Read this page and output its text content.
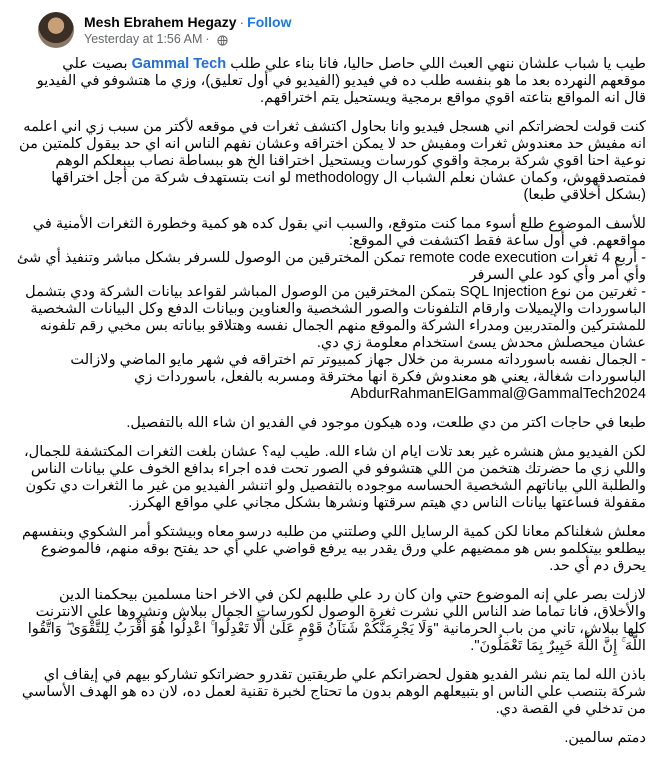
Mesh Ebrahem Hegazy · Follow
Yesterday at 1:56 AM ·

طيب يا شباب علشان ننهي العبث اللي حاصل حاليا، فانا بناء علي طلب Gammal Tech بصيت علي موقعهم النهرده بعد ما هو بنفسه طلب ده في فيديو (الفيديو في أول تعليق)، وزي ما هتشوفو في الفيديو قال انه المواقع بتاعته اقوي مواقع برمجية ويستحيل يتم اختراقهم.

كنت قولت لحضراتكم اني هسجل فيديو وانا بحاول اكتشف ثغرات في موقعه لأكتر من سبب زي اني اعلمه انه مفيش حد معندوش ثغرات ومفيش حد لا يمكن اختراقه وعشان نفهم الناس انه اي حد بيقول كلمتين من نوعية احنا اقوي شركة برمجة واقوي كورسات ويستحيل اختراقنا الخ هو ببساطة نصاب بيبعلكم الوهم فمتصدقهوش، وكمان عشان نعلم الشباب ال methodology لو انت بتستهدف شركة من أجل اختراقها (بشكل أخلاقي طبعا)

للأسف الموضوع طلع أسوء مما كنت متوقع، والسبب اني بقول كده هو كمية وخطورة الثغرات الأمنية في مواقعهم. في أول ساعة فقط اكتشفت في الموقع:
- أربع 4 ثغرات remote code execution تمكن المخترقين من الوصول للسرفر بشكل مباشر وتنفيذ أي شئ وأي أمر وأي كود علي السرفر
- ثغرتين من نوع SQL Injection بتمكن المخترقين من الوصول المباشر لقواعد بيانات الشركة ودي بتشمل الباسوردات والإيميلات وارقام التلفونات والصور الشخصية والعناوين وبيانات الدفع وكل البيانات الشخصية للمشتركين والمتدربين ومدراء الشركة والموقع منهم الجمال نفسه وهتلاقو بياناته بس مخبي رقم تلفونه عشان ميحصلش محدش يسئ استخدام معلومة زي دي.
- الجمال نفسه باسورداته مسربة من خلال جهاز كمبيوتر تم اختراقه في شهر مايو الماضي ولازالت الباسوردات شغالة، يعني هو معندوش فكرة انها مخترقة ومسربه بالفعل، باسوردات زي
AbdurRahmanElGammal@GammalTech2024

طبعا في حاجات اكتر من دي طلعت، وده هيكون موجود في الفديو ان شاء الله بالتفصيل.

لكن الفيديو مش هنشره غير بعد تلات ايام ان شاء الله. طيب ليه؟ عشان بلغت الثغرات المكتشفة للجمال، واللي زي ما حضرتك هتخمن من اللي هتشوفو في الصور تحت فده اجراء بدافع الخوف علي بيانات الناس والطلبة اللي بياناتهم الشخصية الحساسه موجوده بالتفصيل ولو اتنشر الفيديو من غير ما الثغرات دي تكون مقفولة فساعتها بيانات الناس دي هيتم سرقتها ونشرها بشكل مجاني علي مواقع الهكرز.

معلش شغلناكم معانا لكن كمية الرسايل اللي وصلتني من طلبه درسو معاه وبيشتكو أمر الشكوي وبنفسهم بيطلعو بيتكلمو بس هو ممضيهم علي ورق يقدر بيه يرفع قواضي علي أي حد يفتح بوقه منهم، فالموضوع يحرق دم أي حد.

لازلت بصر علي إنه الموضوع حتي وان كان رد علي طلبهم لكن في الاخر احنا مسلمين بيحكمنا الدين والأخلاق، فانا تماما ضد الناس اللي نشرت ثغرة الوصول لكورسات الجمال ببلاش ونشروها علي الانترنت كلها ببلاش، تاني من باب الحرمانية "وَلَا يَجْرِمَنَّكُمْ شَنَآنُ قَوْمٍ عَلَىٰ أَلَّا تَعْدِلُوا ۚ اعْدِلُوا هُوَ أَقْرَبُ لِلتَّقْوَىٰ ۖ وَاتَّقُوا اللَّهَ ۚ إِنَّ اللَّهَ خَبِيرٌ بِمَا تَعْمَلُونَ".

باذن الله لما يتم نشر الفديو هقول لحضراتكم علي طريقتين تقدرو حضراتكو تشاركو بيهم في إيقاف اي شركة بتنصب علي الناس او بتبيعلهم الوهم بدون ما تحتاج لخبرة تقنية لعمل ده، لان ده هو الهدف الأساسي من تدخلي في القصة دي.

دمتم سالمين.
